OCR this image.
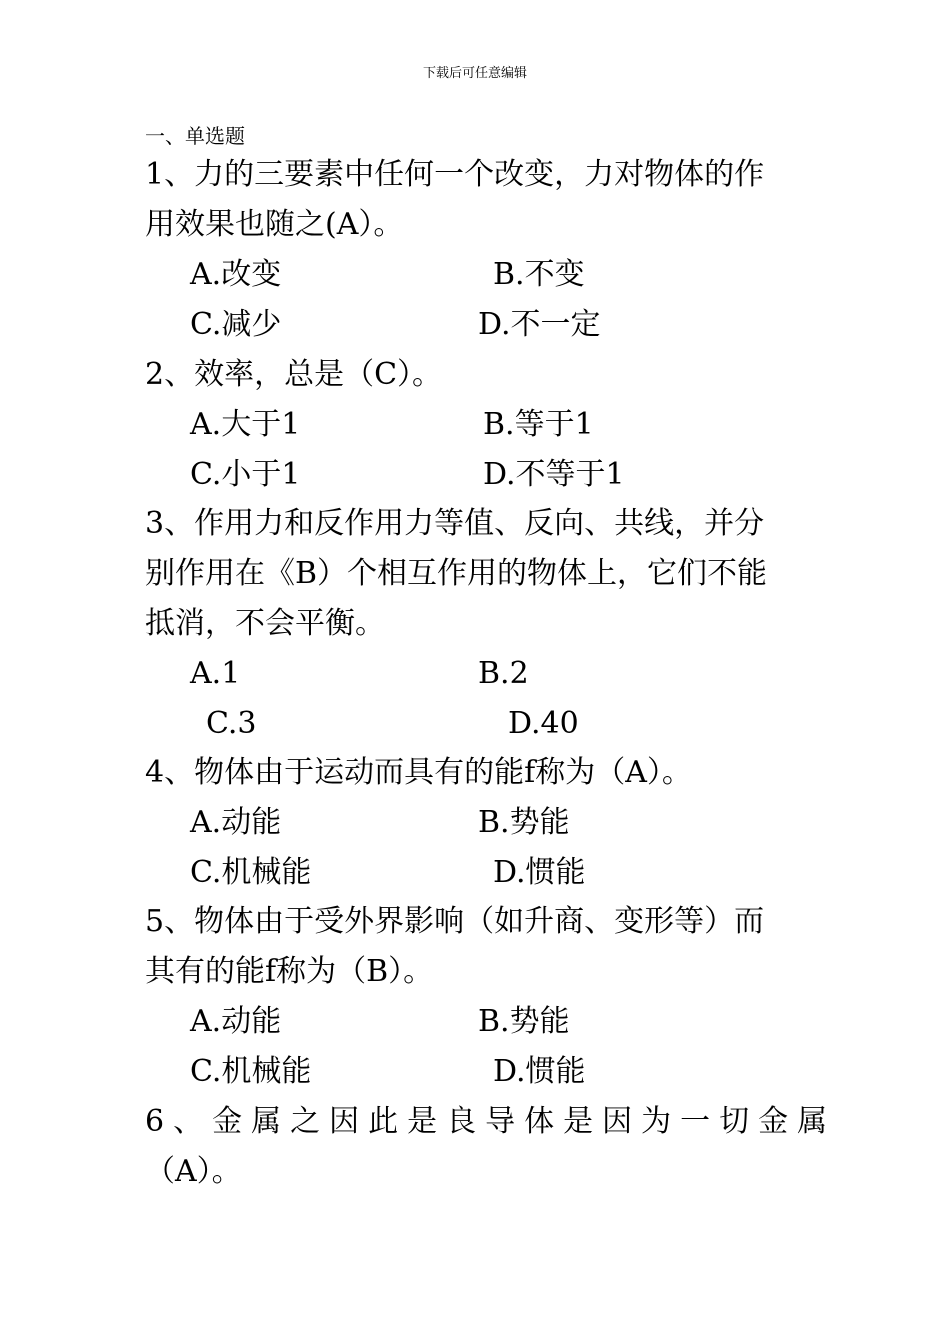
下载后可任意编辑
一、单选题
1、力的三要素中任何一个改变，力对物体的作
用效果也随之(A）。
A.改变	B.不变
C.减少	D.不一定
2、效率，总是（C）。
A.大于1	B.等于1
C.小于1	D.不等于1
3、作用力和反作用力等值、反向、共线，并分
别作用在《B）个相互作用的物体上，它们不能
抵消，不会平衡。
A.1	B.2
C.3	D.40
4、物体由于运动而具有的能f称为（A）。
A.动能	B.势能
C.机械能	D.惯能
5、物体由于受外界影响（如升商、变形等）而
其有的能f称为（B）。
A.动能	B.势能
C.机械能	D.惯能
6、金属之因此是良导体是因为一切金属
（A）。
